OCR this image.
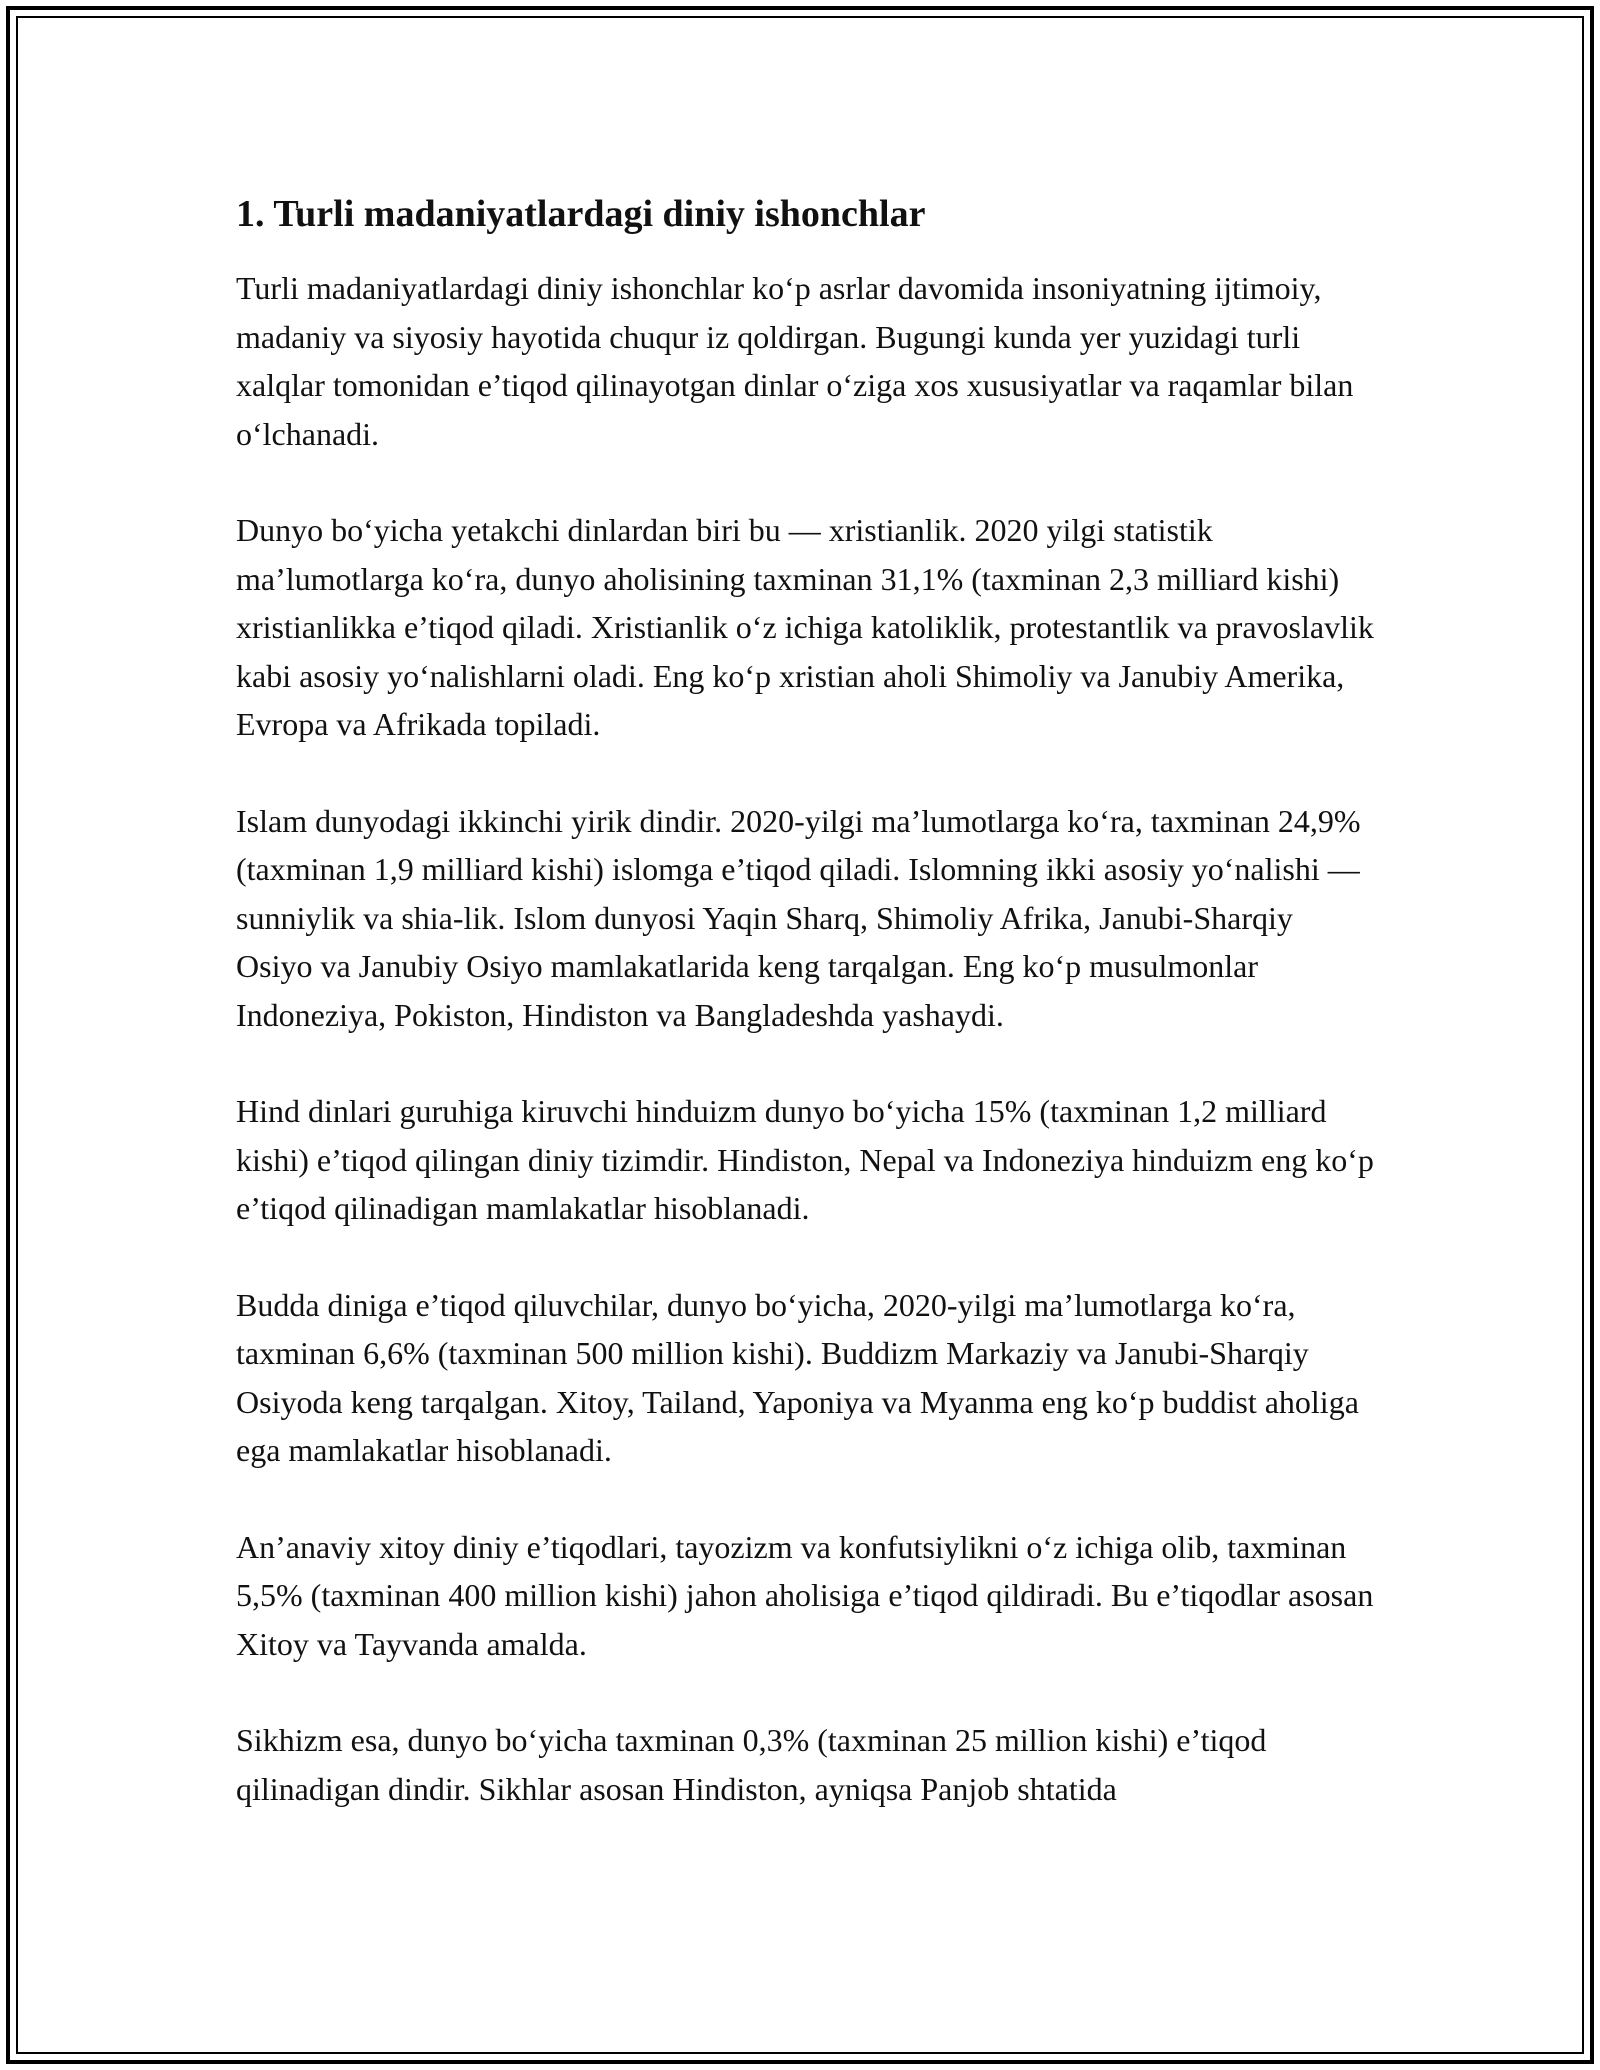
1. Turli madaniyatlardagi diniy ishonchlar

Turli madaniyatlardagi diniy ishonchlar ko‘p asrlar davomida insoniyatning ijtimoiy, madaniy va siyosiy hayotida chuqur iz qoldirgan. Bugungi kunda yer yuzidagi turli xalqlar tomonidan e’tiqod qilinayotgan dinlar o‘ziga xos xususiyatlar va raqamlar bilan o‘lchanadi.

Dunyo bo‘yicha yetakchi dinlardan biri bu — xristianlik. 2020 yilgi statistik ma’lumotlarga ko‘ra, dunyo aholisining taxminan 31,1% (taxminan 2,3 milliard kishi) xristianlikka e’tiqod qiladi. Xristianlik o‘z ichiga katoliklik, protestantlik va pravoslavlik kabi asosiy yo‘nalishlarni oladi. Eng ko‘p xristian aholi Shimoliy va Janubiy Amerika, Evropa va Afrikada topiladi.

Islam dunyodagi ikkinchi yirik dindir. 2020-yilgi ma’lumotlarga ko‘ra, taxminan 24,9% (taxminan 1,9 milliard kishi) islomga e’tiqod qiladi. Islomning ikki asosiy yo‘nalishi — sunniylik va shia-lik. Islom dunyosi Yaqin Sharq, Shimoliy Afrika, Janubi-Sharqiy Osiyo va Janubiy Osiyo mamlakatlarida keng tarqalgan. Eng ko‘p musulmonlar Indoneziya, Pokiston, Hindiston va Bangladeshda yashaydi.

Hind dinlari guruhiga kiruvchi hinduizm dunyo bo‘yicha 15% (taxminan 1,2 milliard kishi) e’tiqod qilingan diniy tizimdir. Hindiston, Nepal va Indoneziya hinduizm eng ko‘p e’tiqod qilinadigan mamlakatlar hisoblanadi.

Budda diniga e’tiqod qiluvchilar, dunyo bo‘yicha, 2020-yilgi ma’lumotlarga ko‘ra, taxminan 6,6% (taxminan 500 million kishi). Buddizm Markaziy va Janubi-Sharqiy Osiyoda keng tarqalgan. Xitoy, Tailand, Yaponiya va Myanma eng ko‘p buddist aholiga ega mamlakatlar hisoblanadi.

An’anaviy xitoy diniy e’tiqodlari, tayozizm va konfutsiylikni o‘z ichiga olib, taxminan 5,5% (taxminan 400 million kishi) jahon aholisiga e’tiqod qildiradi. Bu e’tiqodlar asosan Xitoy va Tayvanda amalda.

Sikhizm esa, dunyo bo‘yicha taxminan 0,3% (taxminan 25 million kishi) e’tiqod qilinadigan dindir. Sikhlar asosan Hindiston, ayniqsa Panjob shtatida
